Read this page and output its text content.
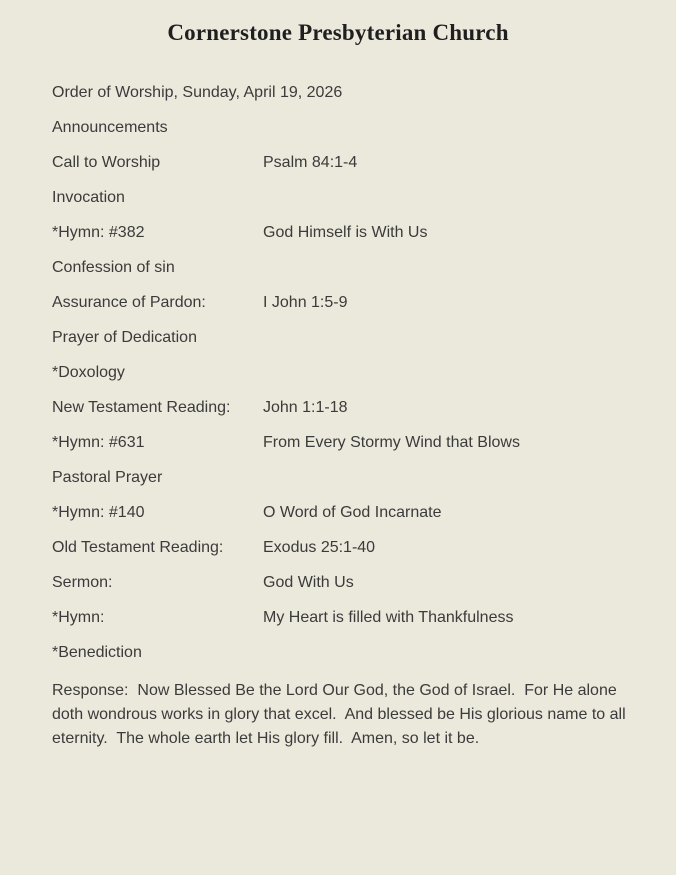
Cornerstone Presbyterian Church
Order of Worship, Sunday, April 19, 2026
Announcements
Call to Worship	Psalm 84:1-4
Invocation
*Hymn: #382	God Himself is With Us
Confession of sin
Assurance of Pardon:	I John 1:5-9
Prayer of Dedication
*Doxology
New Testament Reading:	John 1:1-18
*Hymn: #631	From Every Stormy Wind that Blows
Pastoral Prayer
*Hymn: #140	O Word of God Incarnate
Old Testament Reading:	Exodus 25:1-40
Sermon:	God With Us
*Hymn:	My Heart is filled with Thankfulness
*Benediction
Response:  Now Blessed Be the Lord Our God, the God of Israel.  For He alone doth wondrous works in glory that excel.  And blessed be His glorious name to all eternity.  The whole earth let His glory fill.  Amen, so let it be.
